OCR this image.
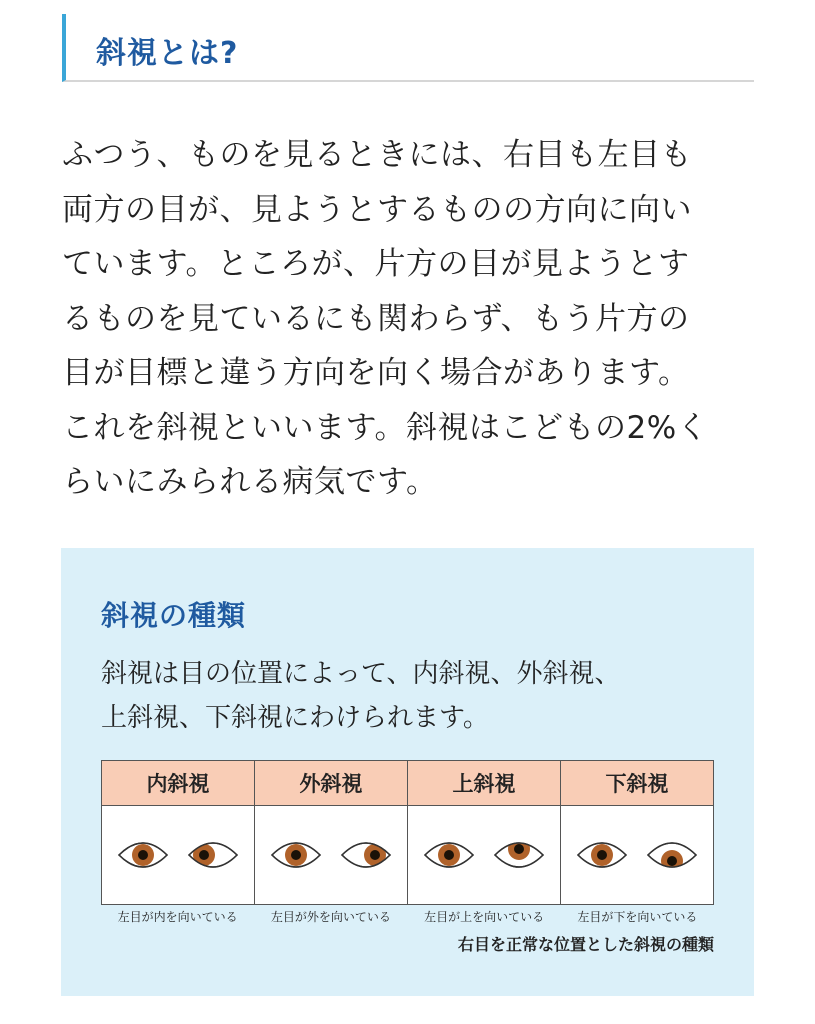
斜視とは?
ふつう、ものを見るときには、右目も左目も
両方の目が、見ようとするものの方向に向い
ています。ところが、片方の目が見ようとす
るものを見ているにも関わらず、もう片方の
目が目標と違う方向を向く場合があります。
これを斜視といいます。斜視はこどもの2%く
らいにみられる病気です。
斜視の種類
斜視は目の位置によって、内斜視、外斜視、
上斜視、下斜視にわけられます。
内斜視	外斜視	上斜視	下斜視

左目が内を向いている	左目が外を向いている	左目が上を向いている	左目が下を向いている
右目を正常な位置とした斜視の種類
